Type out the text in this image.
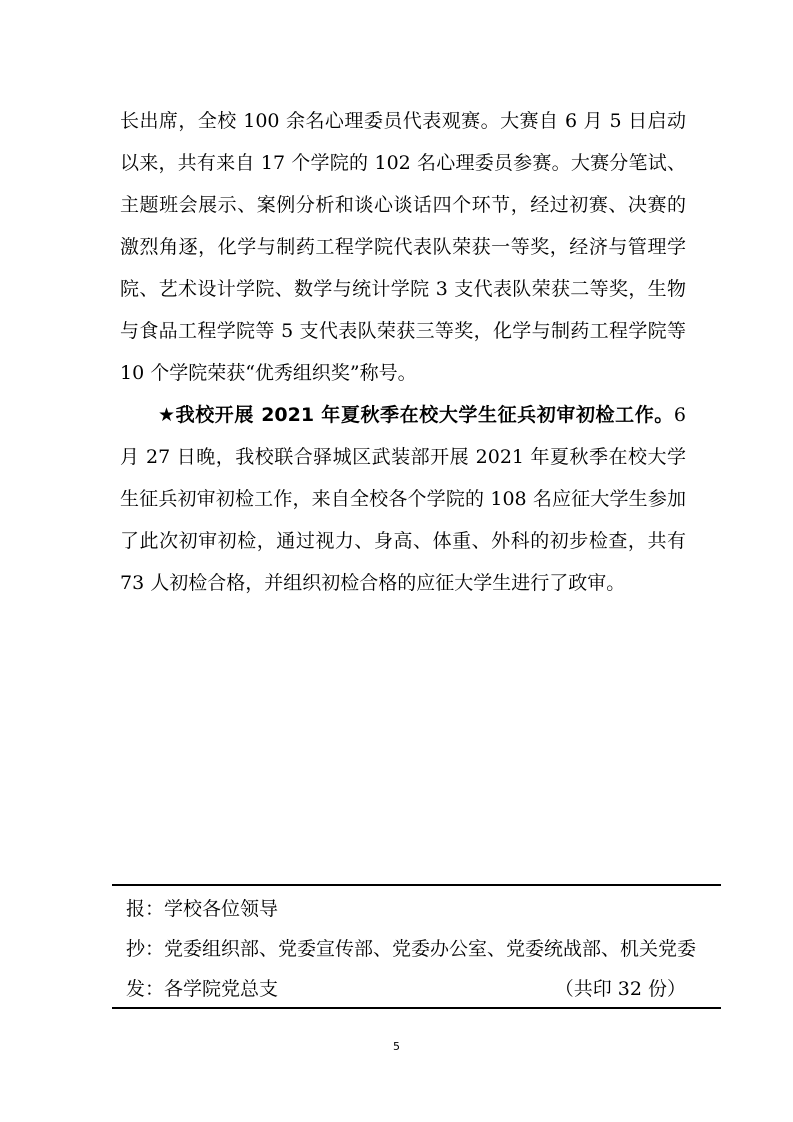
长出席，全校 100 余名心理委员代表观赛。大赛自 6 月 5 日启动以来，共有来自 17 个学院的 102 名心理委员参赛。大赛分笔试、主题班会展示、案例分析和谈心谈话四个环节，经过初赛、决赛的激烈角逐，化学与制药工程学院代表队荣获一等奖，经济与管理学院、艺术设计学院、数学与统计学院 3 支代表队荣获二等奖，生物与食品工程学院等 5 支代表队荣获三等奖，化学与制药工程学院等 10 个学院荣获“优秀组织奖”称号。

★我校开展 2021 年夏秋季在校大学生征兵初审初检工作。6 月 27 日晚，我校联合驿城区武装部开展 2021 年夏秋季在校大学生征兵初审初检工作，来自全校各个学院的 108 名应征大学生参加了此次初审初检，通过视力、身高、体重、外科的初步检查，共有 73 人初检合格，并组织初检合格的应征大学生进行了政审。

报：学校各位领导
抄：党委组织部、党委宣传部、党委办公室、党委统战部、机关党委
发：各学院党总支	（共印 32 份）
5
